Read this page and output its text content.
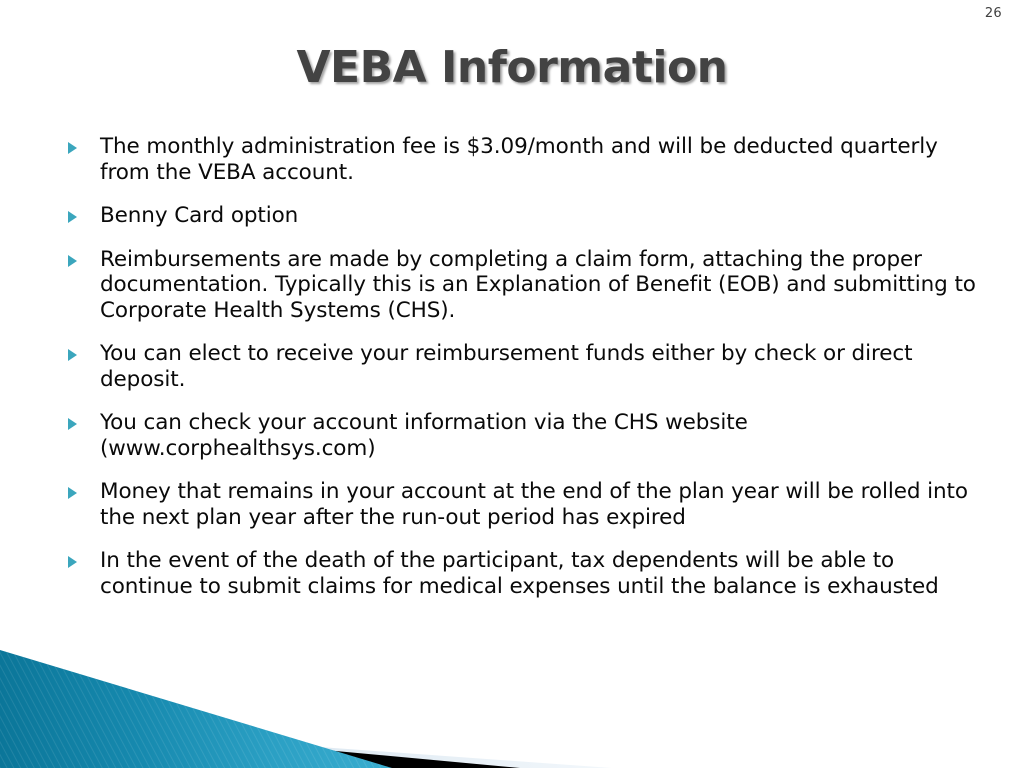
26
VEBA Information
The monthly administration fee is $3.09/month and will be deducted quarterly from the VEBA account.
Benny Card option
Reimbursements are made by completing a claim form, attaching the proper documentation. Typically this is an Explanation of Benefit (EOB) and submitting to Corporate Health Systems (CHS).
You can elect to receive your reimbursement funds either by check or direct deposit.
You can check your account information via the CHS website (www.corphealthsys.com)
Money that remains in your account at the end of the plan year will be rolled into the next plan year after the run-out period has expired
In the event of the death of the participant, tax dependents will be able to continue to submit claims for medical expenses until the balance is exhausted
